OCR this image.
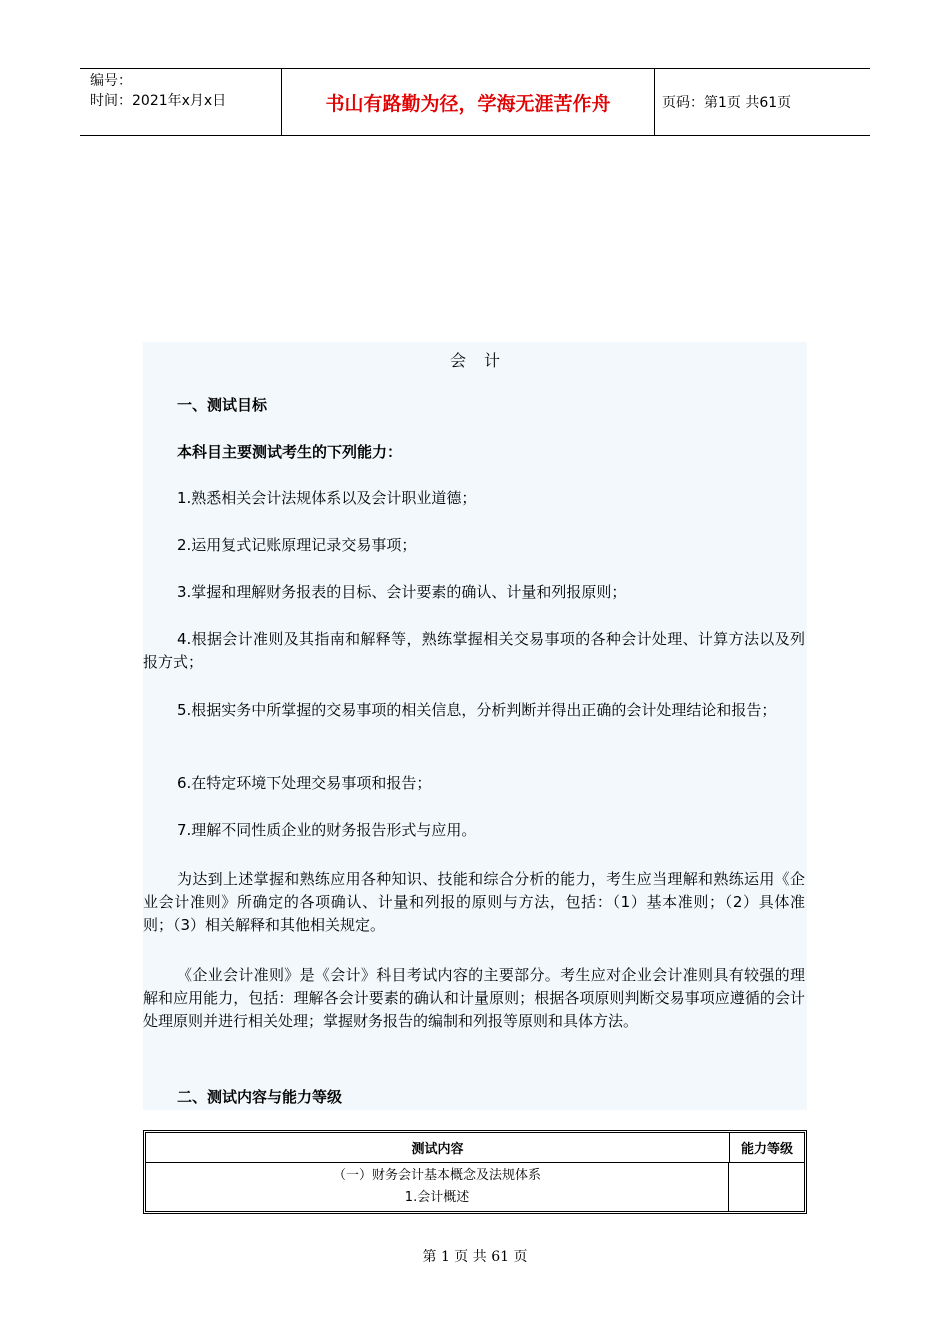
编号：
时间：2021年x月x日	书山有路勤为径，学海无涯苦作舟	页码：第1页 共61页
会计
一、测试目标
本科目主要测试考生的下列能力：
1.熟悉相关会计法规体系以及会计职业道德；
2.运用复式记账原理记录交易事项；
3.掌握和理解财务报表的目标、会计要素的确认、计量和列报原则；
4.根据会计准则及其指南和解释等，熟练掌握相关交易事项的各种会计处理、计算方法以及列报方式；
5.根据实务中所掌握的交易事项的相关信息，分析判断并得出正确的会计处理结论和报告；
6.在特定环境下处理交易事项和报告；
7.理解不同性质企业的财务报告形式与应用。
为达到上述掌握和熟练应用各种知识、技能和综合分析的能力，考生应当理解和熟练运用《企业会计准则》所确定的各项确认、计量和列报的原则与方法，包括：（1）基本准则；（2）具体准则；（3）相关解释和其他相关规定。
《企业会计准则》是《会计》科目考试内容的主要部分。考生应对企业会计准则具有较强的理解和应用能力，包括：理解各会计要素的确认和计量原则；根据各项原则判断交易事项应遵循的会计处理原则并进行相关处理；掌握财务报告的编制和列报等原则和具体方法。
二、测试内容与能力等级
测试内容	能力等级
（一）财务会计基本概念及法规体系
1.会计概述
第 1 页 共 61 页
